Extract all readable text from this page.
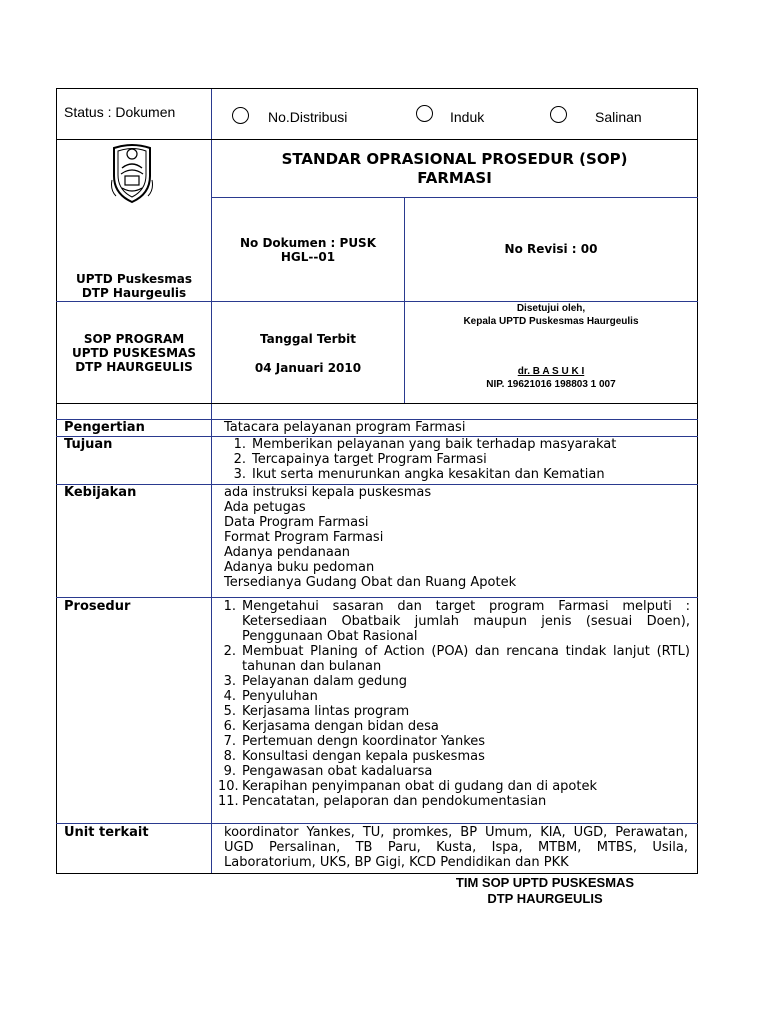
Status : Dokumen	No.Distribusi	Induk	Salinan
STANDAR OPRASIONAL PROSEDUR (SOP)
FARMASI
UPTD Puskesmas
DTP Haurgeulis
No Dokumen : PUSK
HGL--01
No Revisi : 00
SOP PROGRAM
UPTD PUSKESMAS
DTP HAURGEULIS
Tanggal Terbit
04 Januari 2010
Disetujui oleh,
Kepala UPTD Puskesmas Haurgeulis
dr. B A S U K I
NIP. 19621016 198803 1 007
Pengertian	Tatacara pelayanan program Farmasi
Tujuan	1. Memberikan pelayanan yang baik terhadap masyarakat
2. Tercapainya target Program Farmasi
3. Ikut serta menurunkan angka kesakitan dan Kematian
Kebijakan	ada instruksi kepala puskesmas
Ada petugas
Data Program Farmasi
Format Program Farmasi
Adanya pendanaan
Adanya buku pedoman
Tersedianya Gudang Obat dan Ruang Apotek
Prosedur	1. Mengetahui sasaran dan target program Farmasi melputi : Ketersediaan Obatbaik jumlah maupun jenis (sesuai Doen), Penggunaan Obat Rasional
2. Membuat Planing of Action (POA) dan rencana tindak lanjut (RTL) tahunan dan bulanan
3. Pelayanan dalam gedung
4. Penyuluhan
5. Kerjasama lintas program
6. Kerjasama dengan bidan desa
7. Pertemuan dengn koordinator Yankes
8. Konsultasi dengan kepala puskesmas
9. Pengawasan obat kadaluarsa
10. Kerapihan penyimpanan obat di gudang dan di apotek
11. Pencatatan, pelaporan dan pendokumentasian
Unit terkait	koordinator Yankes, TU, promkes, BP Umum, KIA, UGD, Perawatan, UGD Persalinan, TB Paru, Kusta, Ispa, MTBM, MTBS, Usila, Laboratorium, UKS, BP Gigi, KCD Pendidikan dan PKK
TIM SOP UPTD PUSKESMAS
DTP HAURGEULIS
